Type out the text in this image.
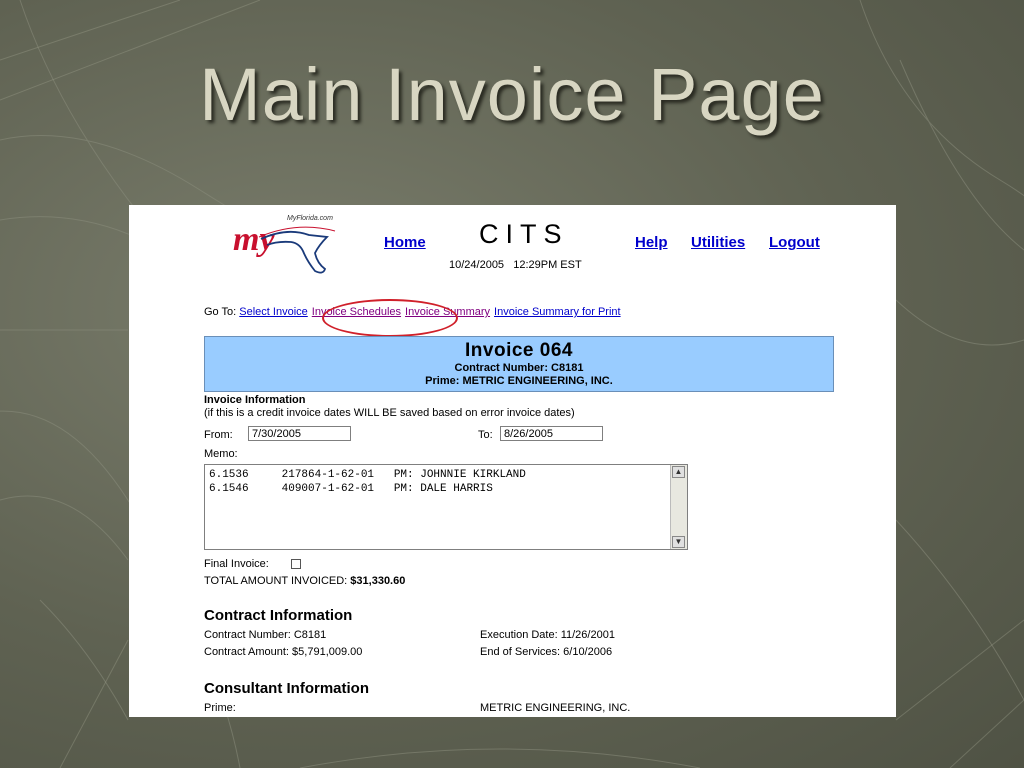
Main Invoice Page
my
MyFlorida.com
Home CITS
10/24/2005   12:29PM EST
Help Utilities Logout
Go To: Select Invoice Invoice Schedules Invoice Summary Invoice Summary for Print
Invoice 064
Contract Number: C8181
Prime: METRIC ENGINEERING, INC.
Invoice Information
(if this is a credit invoice dates WILL BE saved based on error invoice dates)
From:	7/30/2005	To:	8/26/2005
Memo:
6.1536     217864-1-62-01   PM: JOHNNIE KIRKLAND
6.1546     409007-1-62-01   PM: DALE HARRIS
▲
▼
Final Invoice:
TOTAL AMOUNT INVOICED: $31,330.60
Contract Information
Contract Number: C8181	Execution Date: 11/26/2001
Contract Amount: $5,791,009.00	End of Services: 6/10/2006
Consultant Information
Prime:	METRIC ENGINEERING, INC.
